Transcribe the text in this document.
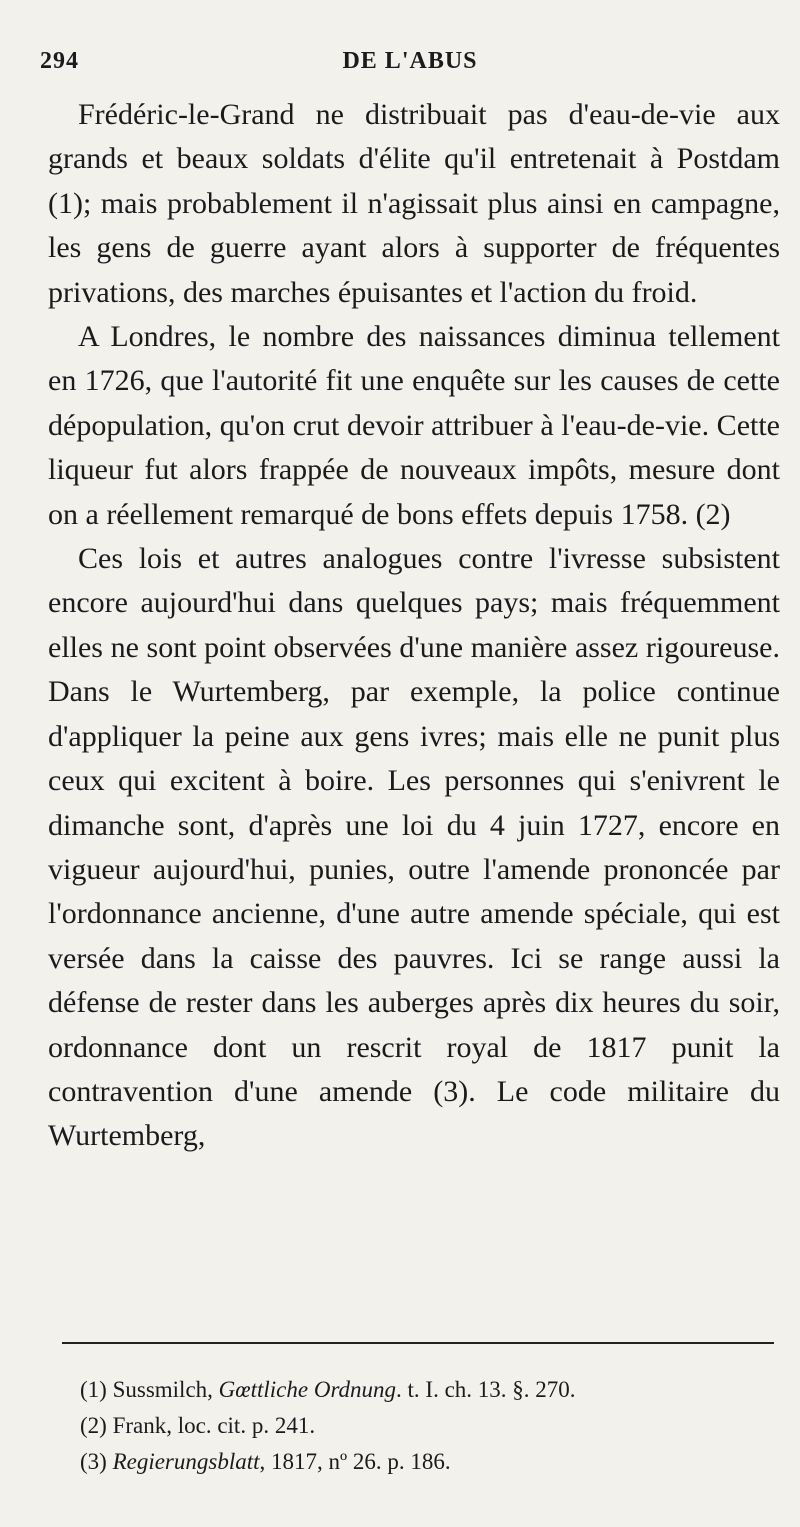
294	DE L'ABUS

Frédéric-le-Grand ne distribuait pas d'eau-de-vie aux grands et beaux soldats d'élite qu'il entretenait à Postdam (1); mais probablement il n'agissait plus ainsi en campagne, les gens de guerre ayant alors à supporter de fréquentes privations, des marches épuisantes et l'action du froid.

A Londres, le nombre des naissances diminua tellement en 1726, que l'autorité fit une enquête sur les causes de cette dépopulation, qu'on crut devoir attribuer à l'eau-de-vie. Cette liqueur fut alors frappée de nouveaux impôts, mesure dont on a réellement remarqué de bons effets depuis 1758. (2)

Ces lois et autres analogues contre l'ivresse subsistent encore aujourd'hui dans quelques pays; mais fréquemment elles ne sont point observées d'une manière assez rigoureuse. Dans le Wurtemberg, par exemple, la police continue d'appliquer la peine aux gens ivres; mais elle ne punit plus ceux qui excitent à boire. Les personnes qui s'enivrent le dimanche sont, d'après une loi du 4 juin 1727, encore en vigueur aujourd'hui, punies, outre l'amende prononcée par l'ordonnance ancienne, d'une autre amende spéciale, qui est versée dans la caisse des pauvres. Ici se range aussi la défense de rester dans les auberges après dix heures du soir, ordonnance dont un rescrit royal de 1817 punit la contravention d'une amende (3). Le code militaire du Wurtemberg,

(1) Sussmilch, Gœttliche Ordnung. t. I. ch. 13. §. 270.
(2) Frank, loc. cit. p. 241.
(3) Regierungsblatt, 1817, nº 26. p. 186.
